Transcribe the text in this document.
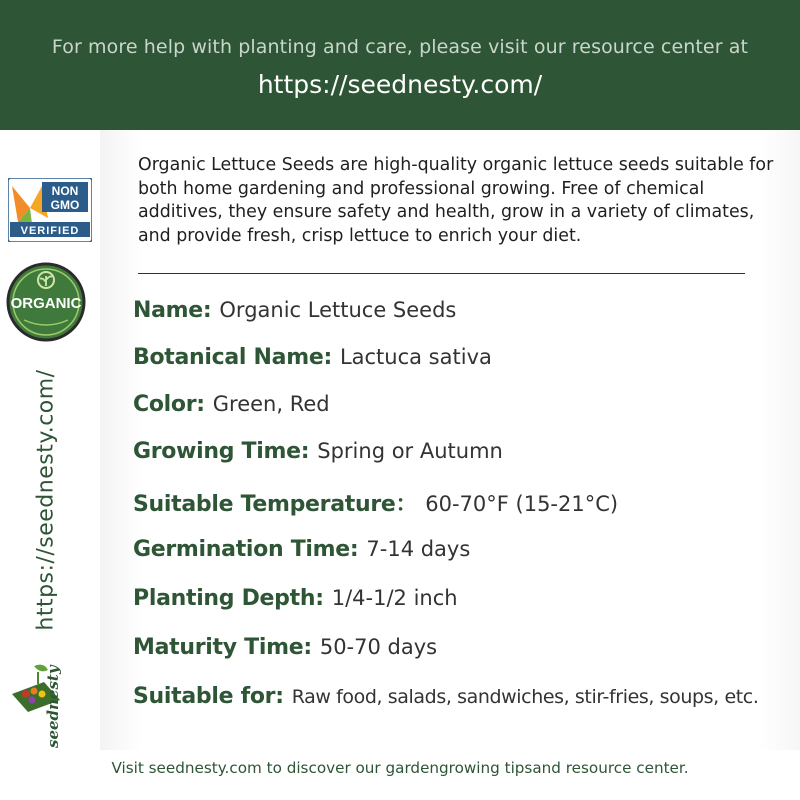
For more help with planting and care, please visit our resource center at
https://seednesty.com/
NON
GMO
VERIFIED
ORGANIC
https://seednesty.com/
seednesty

Organic Lettuce Seeds are high-quality organic lettuce seeds suitable for both home gardening and professional growing. Free of chemical additives, they ensure safety and health, grow in a variety of climates, and provide fresh, crisp lettuce to enrich your diet.

Name: Organic Lettuce Seeds
Botanical Name: Lactuca sativa
Color: Green, Red
Growing Time: Spring or Autumn
Suitable Temperature： 60-70°F (15-21°C)
Germination Time: 7-14 days
Planting Depth: 1/4-1/2 inch
Maturity Time: 50-70 days
Suitable for: Raw food, salads, sandwiches, stir-fries, soups, etc.
Visit seednesty.com to discover our gardengrowing tipsand resource center.
